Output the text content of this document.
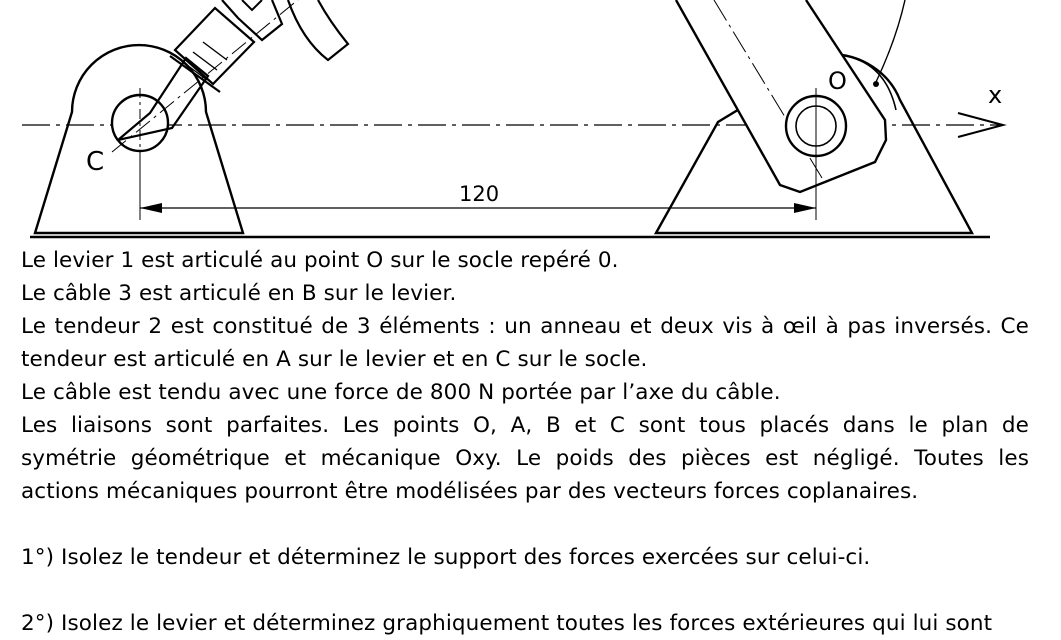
C
O	x
120

Le levier 1 est articulé au point O sur le socle repéré 0.

Le câble 3 est articulé en B sur le levier.

Le tendeur 2 est constitué de 3 éléments : un anneau et deux vis à œil à pas inversés. Ce

tendeur est articulé en A sur le levier et en C sur le socle.

Le câble est tendu avec une force de 800 N portée par l’axe du câble.

Les liaisons sont parfaites. Les points O, A, B et C sont tous placés dans le plan de

symétrie géométrique et mécanique Oxy. Le poids des pièces est négligé. Toutes les

actions mécaniques pourront être modélisées par des vecteurs forces coplanaires.

1°) Isolez le tendeur et déterminez le support des forces exercées sur celui-ci.

2°) Isolez le levier et déterminez graphiquement toutes les forces extérieures qui lui sont
